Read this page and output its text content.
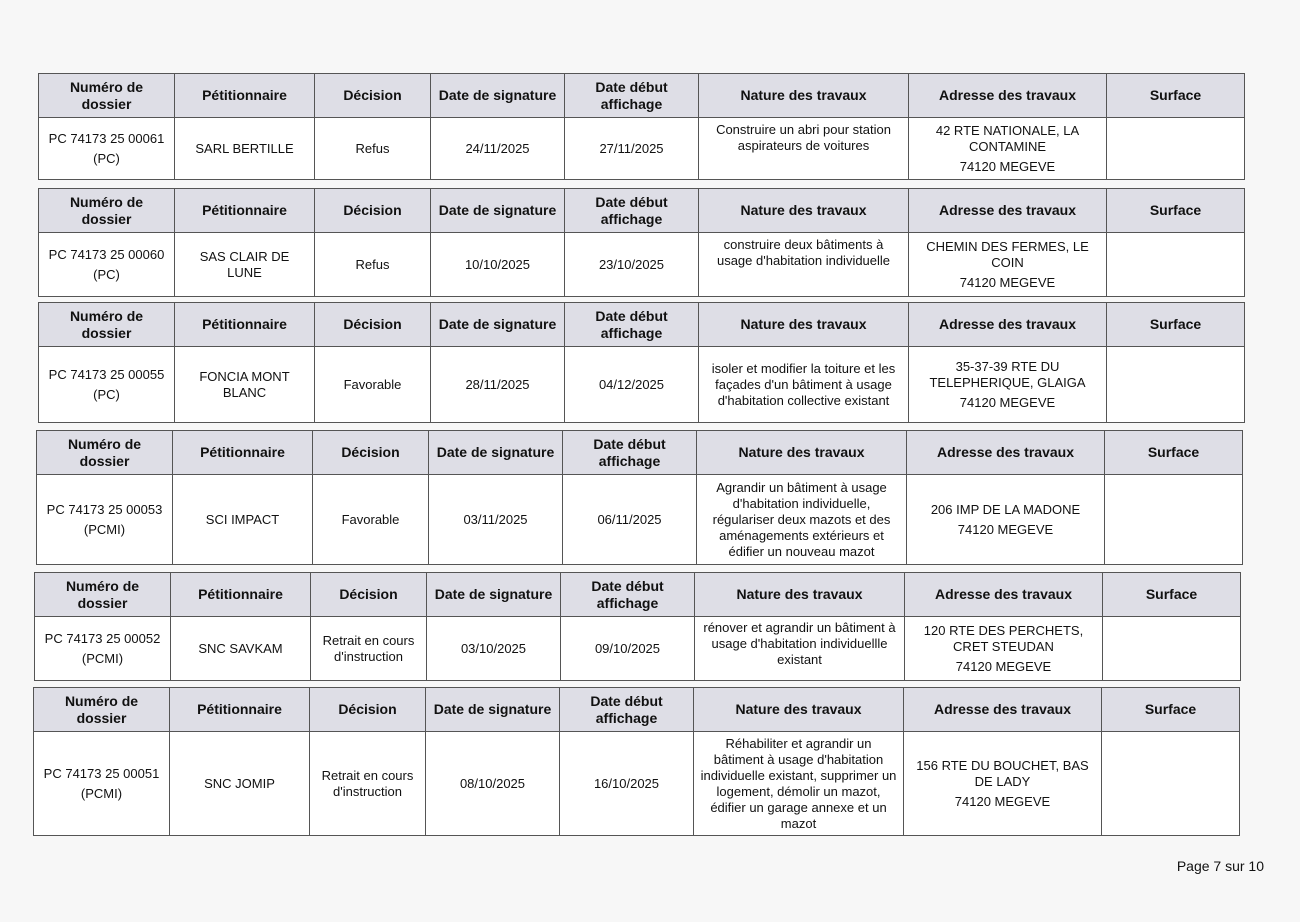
Numéro de dossier	Pétitionnaire	Décision	Date de signature	Date début affichage	Nature des travaux	Adresse des travaux	Surface

PC 74173 25 00061
(PC)	SARL BERTILLE	Refus	24/11/2025	27/11/2025	Construire un abri pour station aspirateurs de voitures	42 RTE NATIONALE, LA CONTAMINE
74120 MEGEVE	

Numéro de dossier	Pétitionnaire	Décision	Date de signature	Date début affichage	Nature des travaux	Adresse des travaux	Surface

PC 74173 25 00060
(PC)	SAS CLAIR DE LUNE	Refus	10/10/2025	23/10/2025	construire deux bâtiments à usage d'habitation individuelle	CHEMIN DES FERMES, LE COIN
74120 MEGEVE	

Numéro de dossier	Pétitionnaire	Décision	Date de signature	Date début affichage	Nature des travaux	Adresse des travaux	Surface

PC 74173 25 00055
(PC)	FONCIA MONT BLANC	Favorable	28/11/2025	04/12/2025	isoler et modifier la toiture et les façades d'un bâtiment à usage d'habitation collective existant	35-37-39 RTE DU TELEPHERIQUE, GLAIGA
74120 MEGEVE	

Numéro de dossier	Pétitionnaire	Décision	Date de signature	Date début affichage	Nature des travaux	Adresse des travaux	Surface

PC 74173 25 00053
(PCMI)	SCI IMPACT	Favorable	03/11/2025	06/11/2025	Agrandir un bâtiment à usage d'habitation individuelle, régulariser deux mazots et des aménagements extérieurs et édifier un nouveau mazot	206 IMP DE LA MADONE
74120 MEGEVE	

Numéro de dossier	Pétitionnaire	Décision	Date de signature	Date début affichage	Nature des travaux	Adresse des travaux	Surface

PC 74173 25 00052
(PCMI)	SNC SAVKAM	Retrait en cours d'instruction	03/10/2025	09/10/2025	rénover et agrandir un bâtiment à usage d'habitation individuellle existant	120 RTE DES PERCHETS, CRET STEUDAN
74120 MEGEVE	

Numéro de dossier	Pétitionnaire	Décision	Date de signature	Date début affichage	Nature des travaux	Adresse des travaux	Surface

PC 74173 25 00051
(PCMI)	SNC JOMIP	Retrait en cours d'instruction	08/10/2025	16/10/2025	Réhabiliter et agrandir un bâtiment à usage d'habitation individuelle existant, supprimer un logement, démolir un mazot, édifier un garage annexe et un mazot	156 RTE DU BOUCHET, BAS DE LADY
74120 MEGEVE	

Page 7 sur 10
